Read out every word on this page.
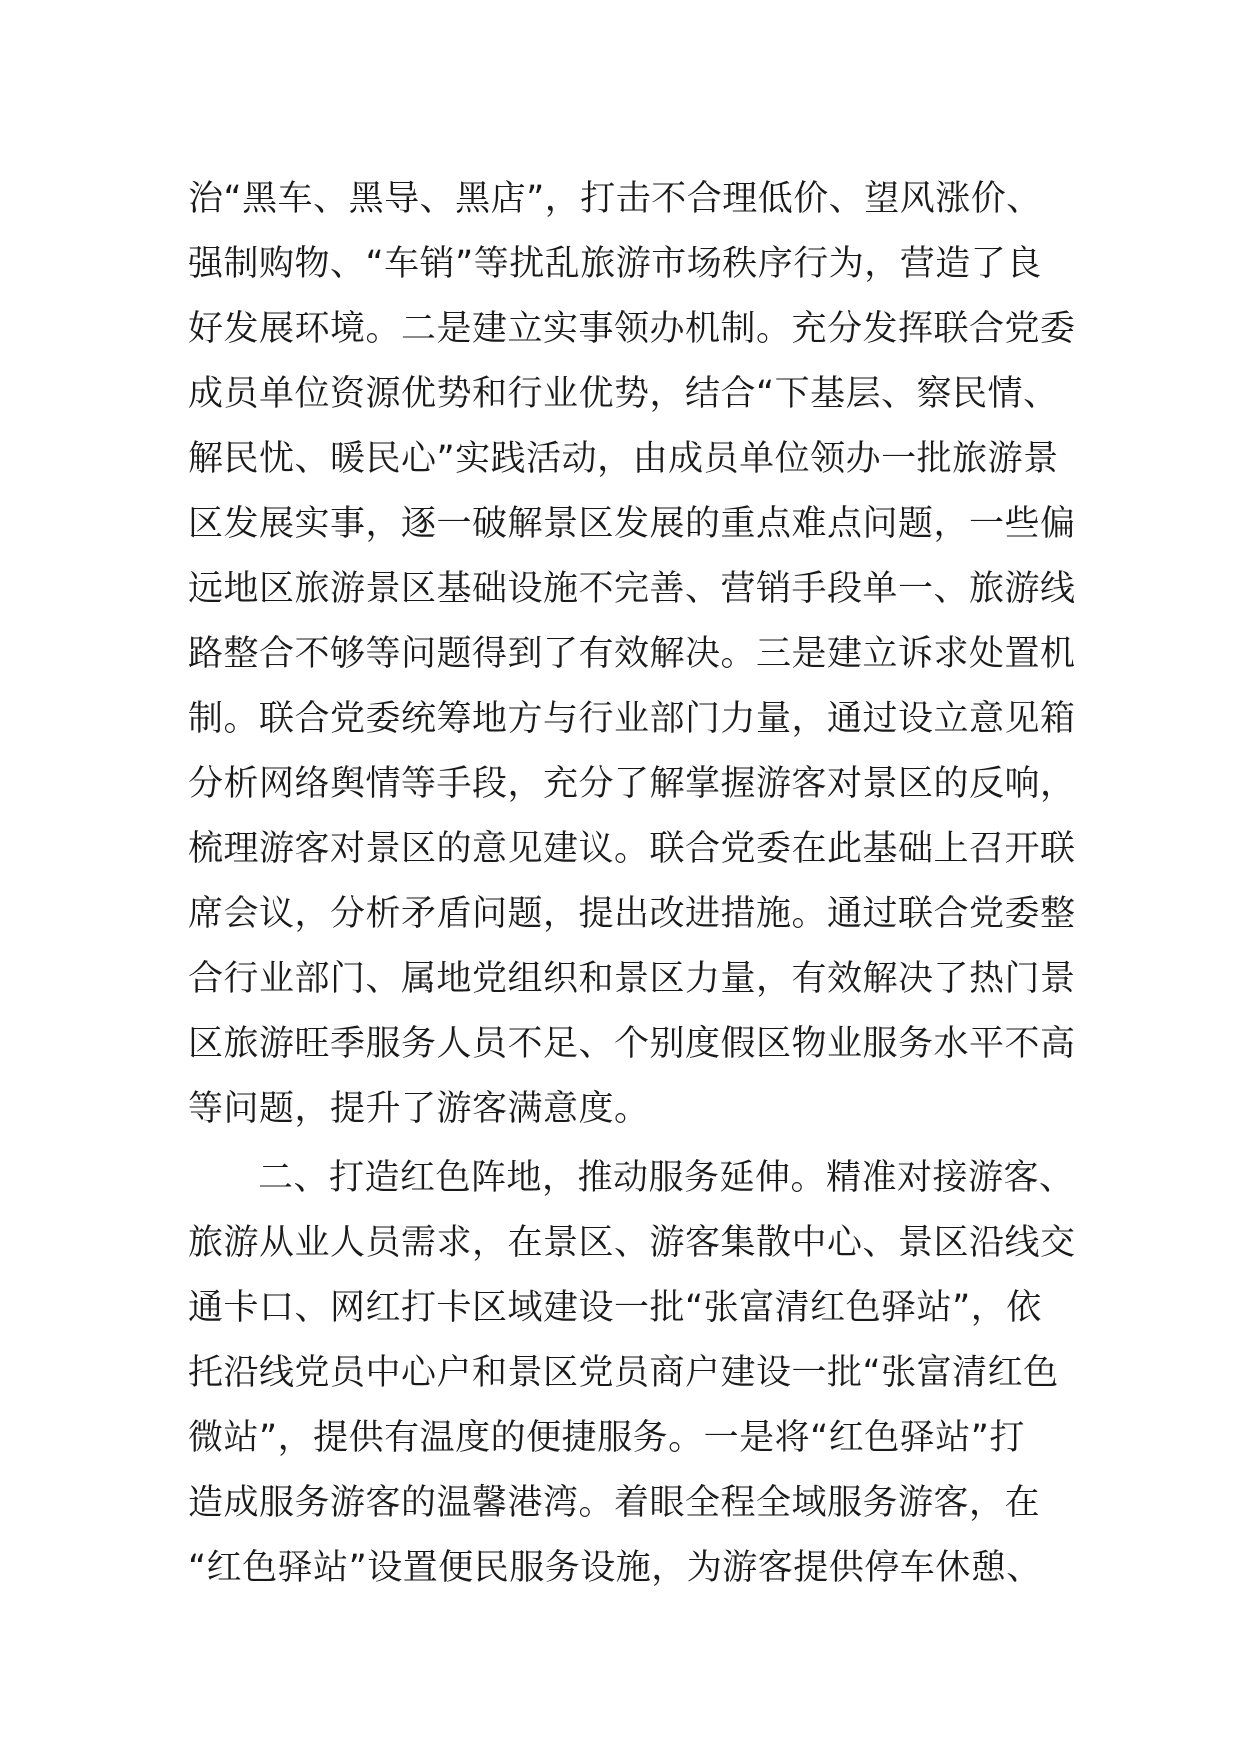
治“黑车、黑导、黑店”，打击不合理低价、望风涨价、
强制购物、“车销”等扰乱旅游市场秩序行为，营造了良
好发展环境。二是建立实事领办机制。充分发挥联合党委
成员单位资源优势和行业优势，结合“下基层、察民情、
解民忧、暖民心”实践活动，由成员单位领办一批旅游景
区发展实事，逐一破解景区发展的重点难点问题，一些偏
远地区旅游景区基础设施不完善、营销手段单一、旅游线
路整合不够等问题得到了有效解决。三是建立诉求处置机
制。联合党委统筹地方与行业部门力量，通过设立意见箱
分析网络舆情等手段，充分了解掌握游客对景区的反响，
梳理游客对景区的意见建议。联合党委在此基础上召开联
席会议，分析矛盾问题，提出改进措施。通过联合党委整
合行业部门、属地党组织和景区力量，有效解决了热门景
区旅游旺季服务人员不足、个别度假区物业服务水平不高
等问题，提升了游客满意度。
二、打造红色阵地，推动服务延伸。精准对接游客、
旅游从业人员需求，在景区、游客集散中心、景区沿线交
通卡口、网红打卡区域建设一批“张富清红色驿站”，依
托沿线党员中心户和景区党员商户建设一批“张富清红色
微站”，提供有温度的便捷服务。一是将“红色驿站”打
造成服务游客的温馨港湾。着眼全程全域服务游客，在
“红色驿站”设置便民服务设施，为游客提供停车休憩、
